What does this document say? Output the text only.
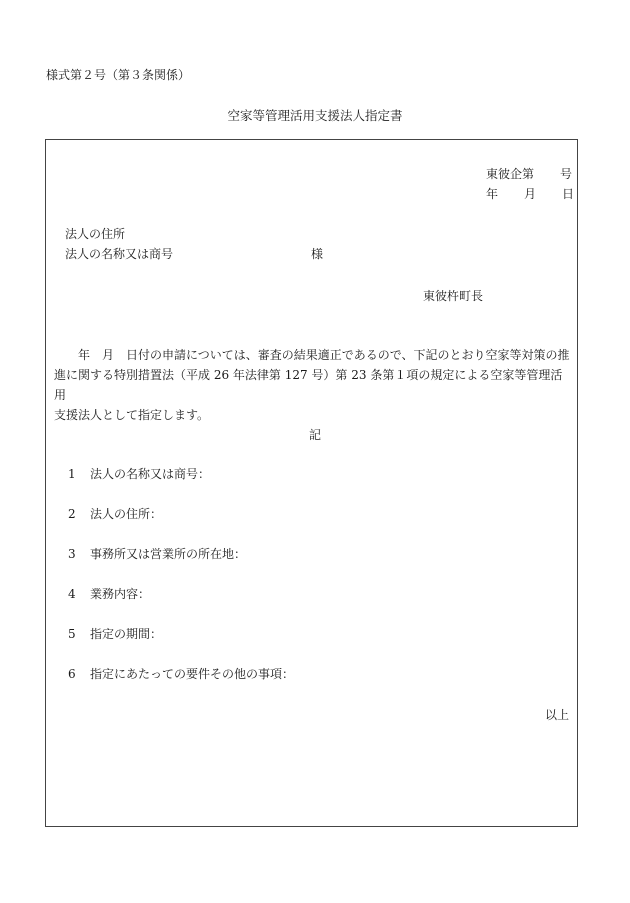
様式第２号（第３条関係）
空家等管理活用支援法人指定書
東彼企第 号
年 月 日
法人の住所
法人の名称又は商号	様
東彼杵町長

　年　月　日付の申請については、審査の結果適正であるので、下記のとおり空家等対策の推

進に関する特別措置法（平成 26 年法律第 127 号）第 23 条第１項の規定による空家等管理活用

支援法人として指定します。

記
1 法人の名称又は商号：
2 法人の住所：
3 事務所又は営業所の所在地：
4 業務内容：
5 指定の期間：
6 指定にあたっての要件その他の事項：
以上
